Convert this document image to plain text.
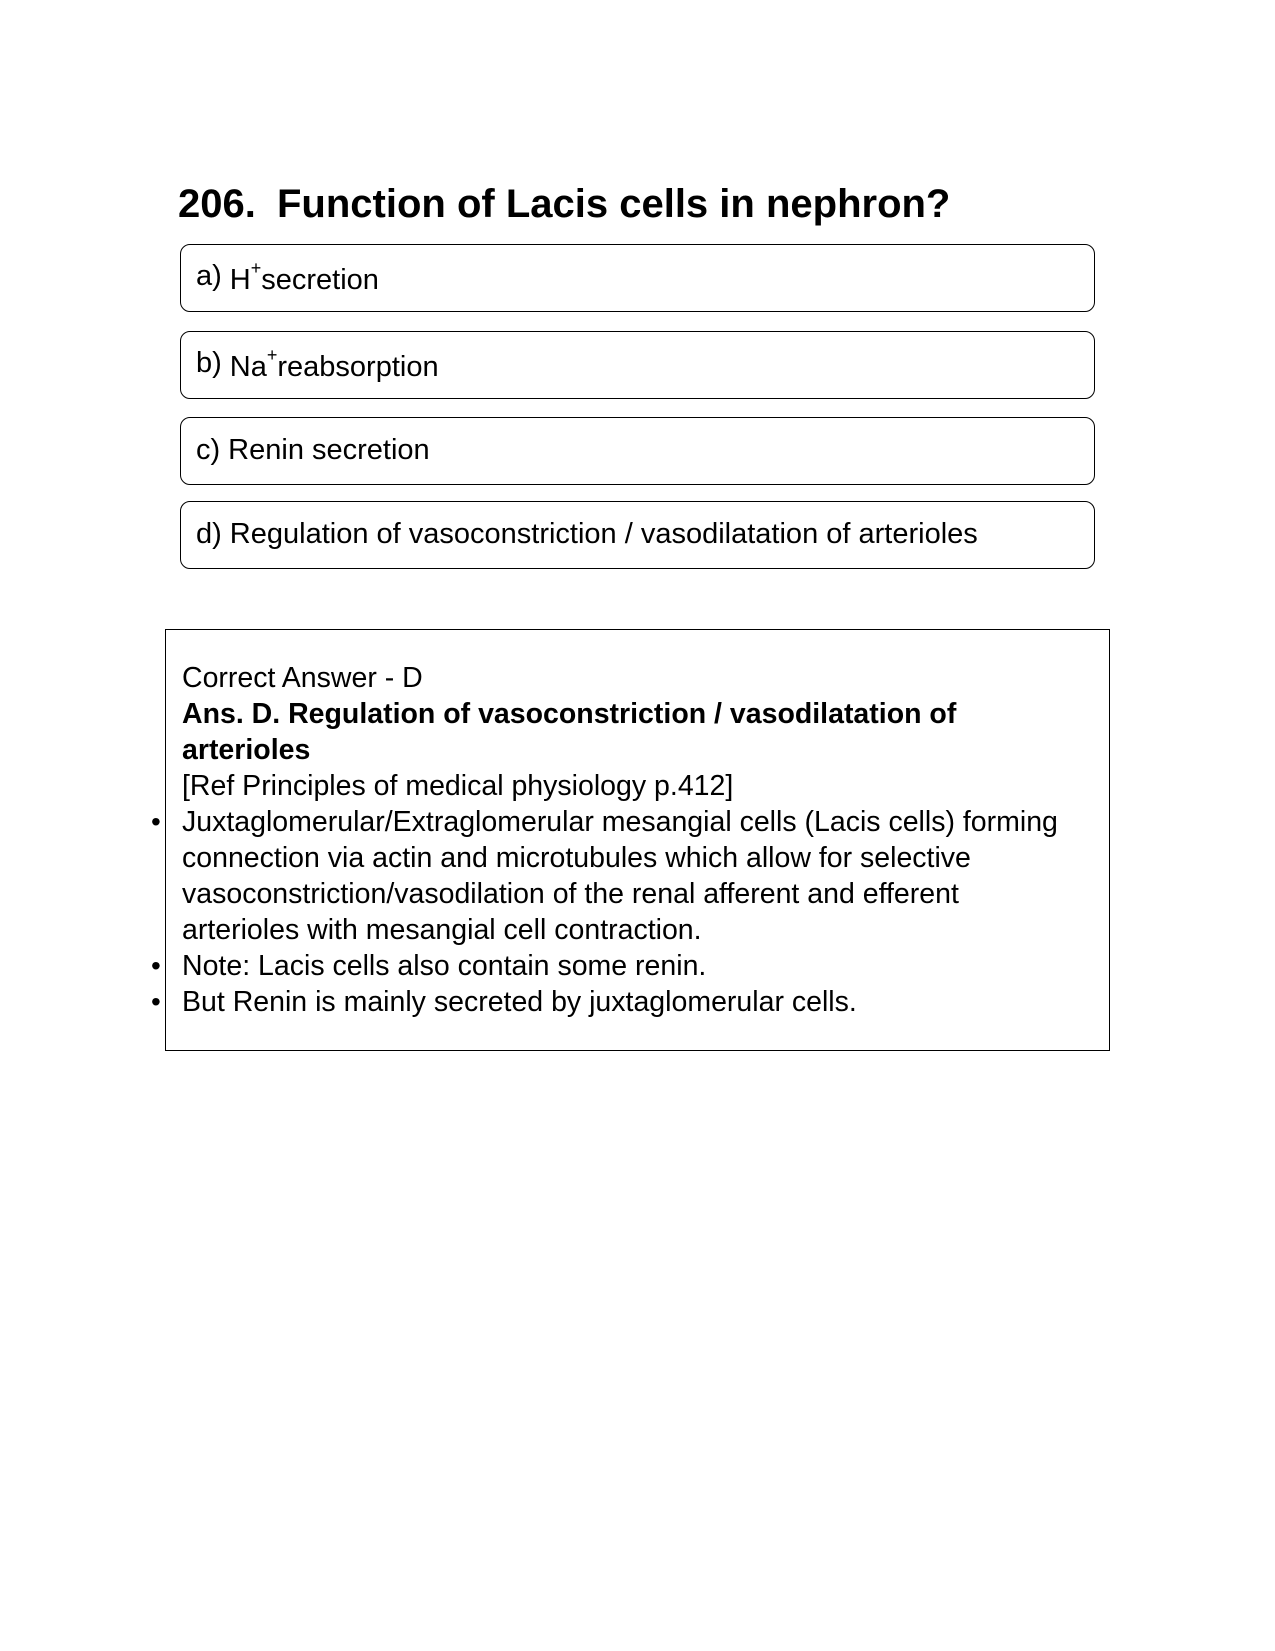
206. Function of Lacis cells in nephron?
a) H+secretion
b) Na+reabsorption
c) Renin secretion
d) Regulation of vasoconstriction / vasodilatation of arterioles

Correct Answer - D

Ans. D. Regulation of vasoconstriction / vasodilatation of arterioles

[Ref Principles of medical physiology p.412]

• Juxtaglomerular/Extraglomerular mesangial cells (Lacis cells) forming connection via actin and microtubules which allow for selective vasoconstriction/vasodilation of the renal afferent and efferent arterioles with mesangial cell contraction.
• Note: Lacis cells also contain some renin.
• But Renin is mainly secreted by juxtaglomerular cells.
